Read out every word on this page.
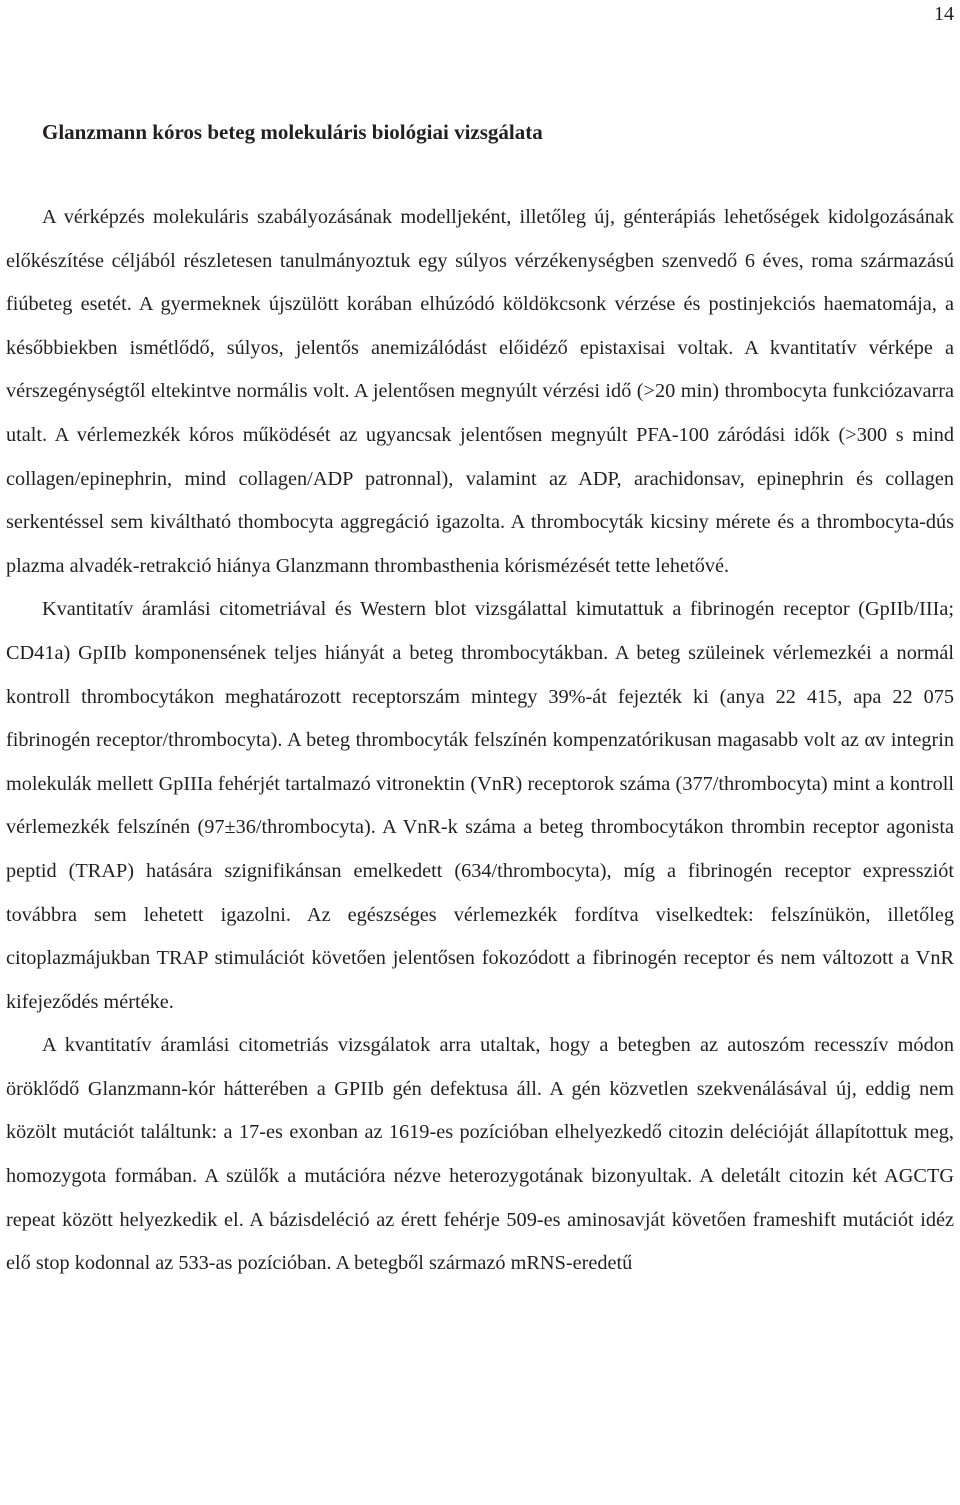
14
Glanzmann kóros beteg molekuláris biológiai vizsgálata

A vérképzés molekuláris szabályozásának modelljeként, illetőleg új, génterápiás lehetőségek kidolgozásának előkészítése céljából részletesen tanulmányoztuk egy súlyos vérzékenységben szenvedő 6 éves, roma származású fiúbeteg esetét. A gyermeknek újszülött korában elhúzódó köldökcsonk vérzése és postinjekciós haematomája, a későbbiekben ismétlődő, súlyos, jelentős anemizálódást előidéző epistaxisai voltak. A kvantitatív vérképe a vérszegénységtől eltekintve normális volt. A jelentősen megnyúlt vérzési idő (>20 min) thrombocyta funkciózavarra utalt. A vérlemezkék kóros működését az ugyancsak jelentősen megnyúlt PFA-100 záródási idők (>300 s mind collagen/epinephrin, mind collagen/ADP patronnal), valamint az ADP, arachidonsav, epinephrin és collagen serkentéssel sem kiváltható thombocyta aggregáció igazolta. A thrombocyták kicsiny mérete és a thrombocyta-dús plazma alvadék-retrakció hiánya Glanzmann thrombasthenia kórismézését tette lehetővé.

Kvantitatív áramlási citometriával és Western blot vizsgálattal kimutattuk a fibrinogén receptor (GpIIb/IIIa; CD41a) GpIIb komponensének teljes hiányát a beteg thrombocytákban. A beteg szüleinek vérlemezkéi a normál kontroll thrombocytákon meghatározott receptorszám mintegy 39%-át fejezték ki (anya 22 415, apa 22 075 fibrinogén receptor/thrombocyta). A beteg thrombocyták felszínén kompenzatórikusan magasabb volt az αv integrin molekulák mellett GpIIIa fehérjét tartalmazó vitronektin (VnR) receptorok száma (377/thrombocyta) mint a kontroll vérlemezkék felszínén (97±36/thrombocyta). A VnR-k száma a beteg thrombocytákon thrombin receptor agonista peptid (TRAP) hatására szignifikánsan emelkedett (634/thrombocyta), míg a fibrinogén receptor expressziót továbbra sem lehetett igazolni. Az egészséges vérlemezkék fordítva viselkedtek: felszínükön, illetőleg citoplazmájukban TRAP stimulációt követően jelentősen fokozódott a fibrinogén receptor és nem változott a VnR kifejeződés mértéke.

A kvantitatív áramlási citometriás vizsgálatok arra utaltak, hogy a betegben az autoszóm recesszív módon öröklődő Glanzmann-kór hátterében a GPIIb gén defektusa áll. A gén közvetlen szekvenálásával új, eddig nem közölt mutációt találtunk: a 17-es exonban az 1619-es pozícióban elhelyezkedő citozin delécióját állapítottuk meg, homozygota formában. A szülők a mutációra nézve heterozygotának bizonyultak. A deletált citozin két AGCTG repeat között helyezkedik el. A bázisdeléció az érett fehérje 509-es aminosavját követően frameshift mutációt idéz elő stop kodonnal az 533-as pozícióban. A betegből származó mRNS-eredetű
